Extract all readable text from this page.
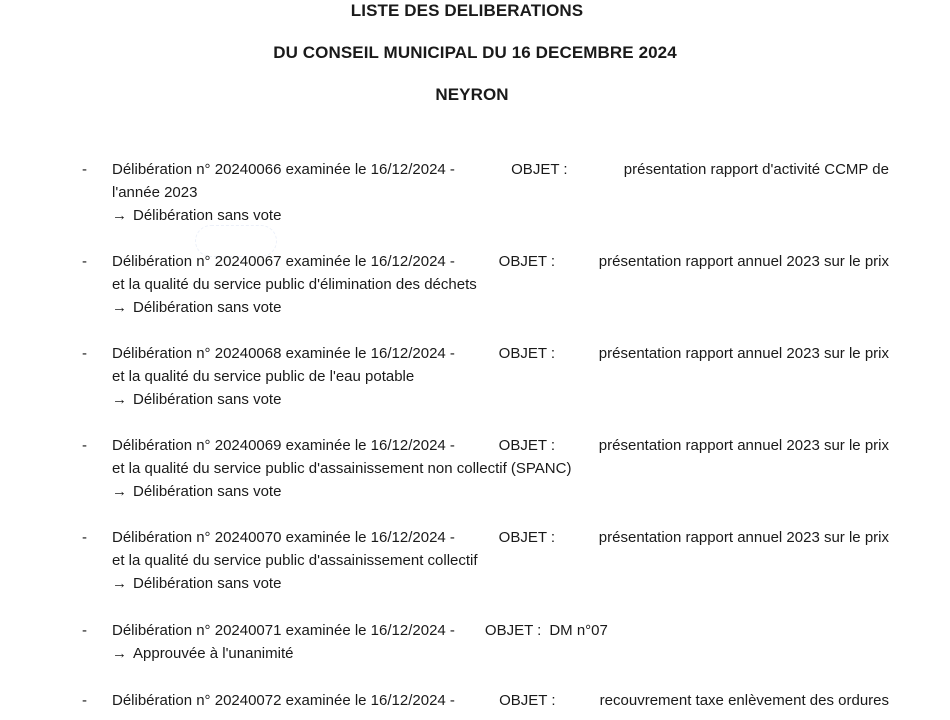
LISTE DES DELIBERATIONS
DU CONSEIL MUNICIPAL DU 16 DECEMBRE 2024
NEYRON
- Délibération n° 20240066 examinée le 16/12/2024 -	OBJET :	présentation rapport d'activité CCMP de
l'année 2023
→ Délibération sans vote
- Délibération n° 20240067 examinée le 16/12/2024 -	OBJET :	présentation rapport annuel 2023 sur le prix
et la qualité du service public d'élimination des déchets
→ Délibération sans vote
- Délibération n° 20240068 examinée le 16/12/2024 -	OBJET :	présentation rapport annuel 2023 sur le prix
et la qualité du service public de l'eau potable
→ Délibération sans vote
- Délibération n° 20240069 examinée le 16/12/2024 -	OBJET :	présentation rapport annuel 2023 sur le prix
et la qualité du service public d'assainissement non collectif (SPANC)
→ Délibération sans vote
- Délibération n° 20240070 examinée le 16/12/2024 -	OBJET :	présentation rapport annuel 2023 sur le prix
et la qualité du service public d'assainissement collectif
→ Délibération sans vote
- Délibération n° 20240071 examinée le 16/12/2024 - OBJET : DM n°07
→ Approuvée à l'unanimité
- Délibération n° 20240072 examinée le 16/12/2024 -	OBJET :	recouvrement taxe enlèvement des ordures
